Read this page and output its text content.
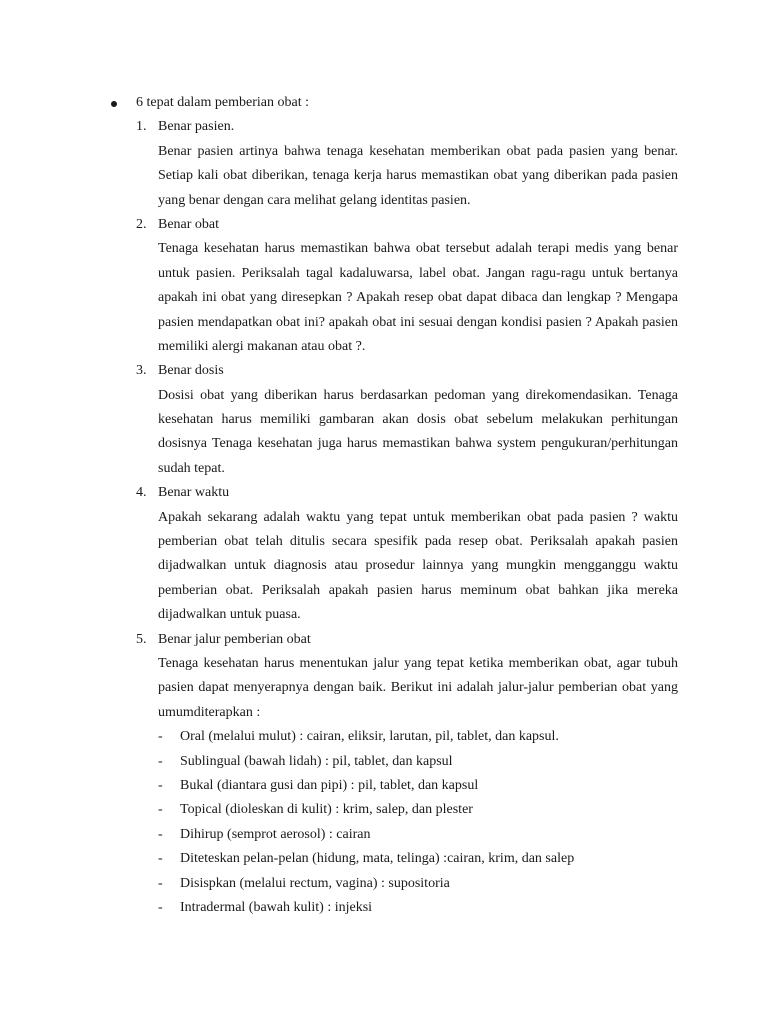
6 tepat dalam pemberian obat :
1. Benar pasien.
Benar pasien artinya bahwa tenaga kesehatan memberikan obat pada pasien yang benar.
Setiap kali obat diberikan, tenaga kerja harus memastikan obat yang diberikan pada pasien
yang benar dengan cara melihat gelang identitas pasien.
2. Benar obat
Tenaga kesehatan harus memastikan bahwa obat tersebut adalah terapi medis yang benar
untuk pasien. Periksalah tagal kadaluwarsa, label obat. Jangan ragu-ragu untuk bertanya
apakah ini obat yang diresepkan ? Apakah resep obat dapat dibaca dan lengkap ? Mengapa
pasien mendapatkan obat ini? apakah obat ini sesuai dengan kondisi pasien ? Apakah pasien
memiliki alergi makanan atau obat ?.
3. Benar dosis
Dosisi obat yang diberikan harus berdasarkan pedoman yang direkomendasikan. Tenaga
kesehatan harus memiliki gambaran akan dosis obat sebelum melakukan perhitungan
dosisnya Tenaga kesehatan juga harus memastikan bahwa system pengukuran/perhitungan
sudah tepat.
4. Benar waktu
Apakah sekarang adalah waktu yang tepat untuk memberikan obat pada pasien ? waktu
pemberian obat telah ditulis secara spesifik pada resep obat. Periksalah apakah pasien
dijadwalkan untuk diagnosis atau prosedur lainnya yang mungkin mengganggu waktu
pemberian obat. Periksalah apakah pasien harus meminum obat bahkan jika mereka
dijadwalkan untuk puasa.
5. Benar jalur pemberian obat
Tenaga kesehatan harus menentukan jalur yang tepat ketika memberikan obat, agar tubuh
pasien dapat menyerapnya dengan baik. Berikut ini adalah jalur-jalur pemberian obat yang
umumditerapkan :
- Oral (melalui mulut) : cairan, eliksir, larutan, pil, tablet, dan kapsul.
- Sublingual (bawah lidah) : pil, tablet, dan kapsul
- Bukal (diantara gusi dan pipi) : pil, tablet, dan kapsul
- Topical (dioleskan di kulit) : krim, salep, dan plester
- Dihirup (semprot aerosol) : cairan
- Diteteskan pelan-pelan (hidung, mata, telinga) :cairan, krim, dan salep
- Disispkan (melalui rectum, vagina) : supositoria
- Intradermal (bawah kulit) : injeksi
